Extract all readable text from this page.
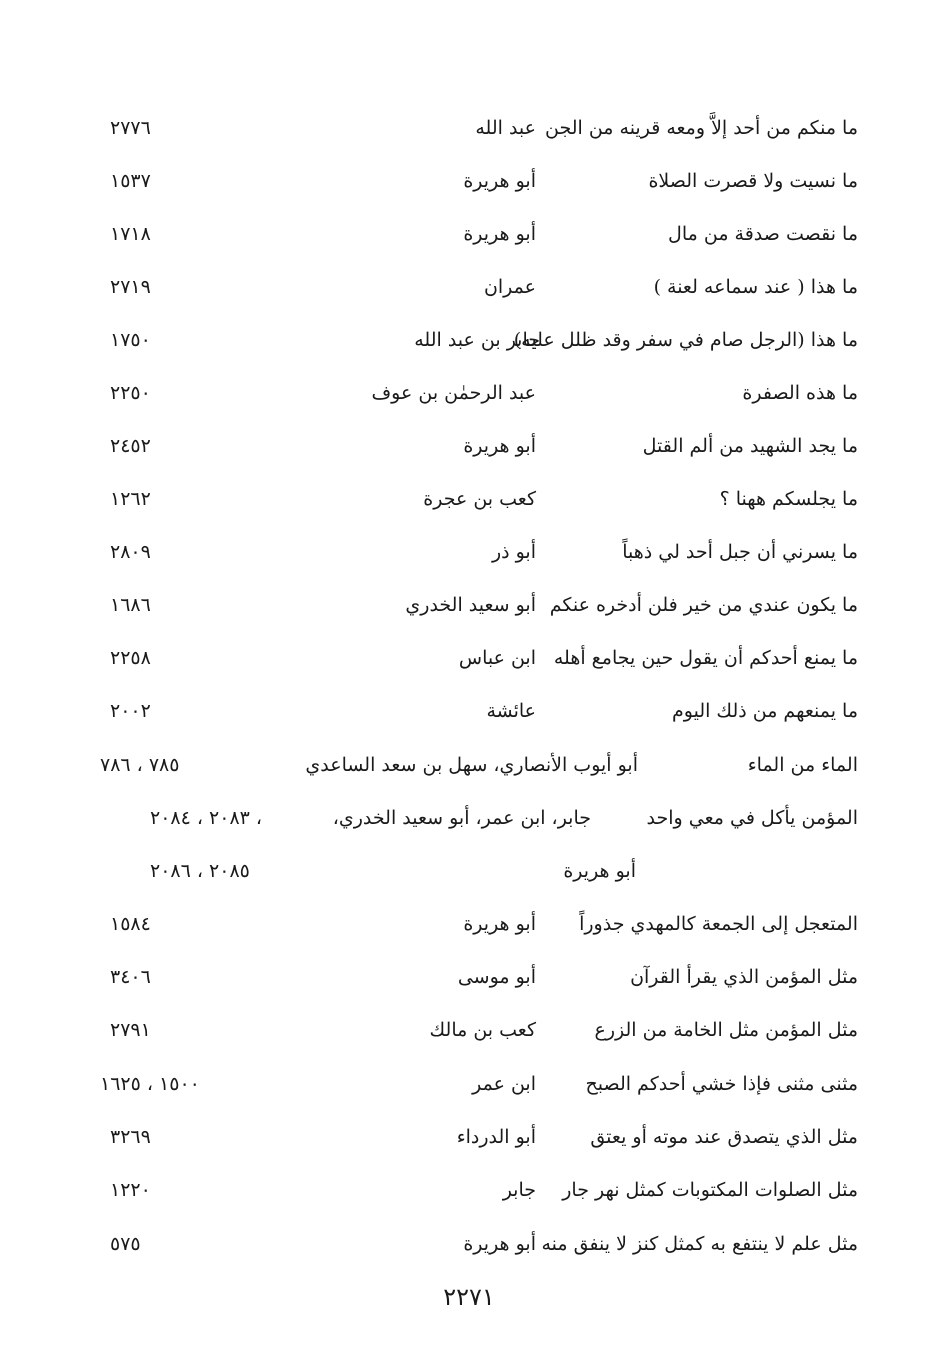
ما منكم من أحد إلاَّ ومعه قرينه من الجن
عبد الله
٢٧٧٦
ما نسيت ولا قصرت الصلاة
أبو هريرة
١٥٣٧
ما نقصت صدقة من مال
أبو هريرة
١٧١٨
ما هذا ( عند سماعه لعنة )
عمران
٢٧١٩
ما هذا (الرجل صام في سفر وقد ظلل عليه)
جابر بن عبد الله
١٧٥٠
ما هذه الصفرة
عبد الرحمٰن بن عوف
٢٢٥٠
ما يجد الشهيد من ألم القتل
أبو هريرة
٢٤٥٢
ما يجلسكم ههنا ؟
كعب بن عجرة
١٢٦٢
ما يسرني أن جبل أحد لي ذهباً
أبو ذر
٢٨٠٩
ما يكون عندي من خير فلن أدخره عنكم
أبو سعيد الخدري
١٦٨٦
ما يمنع أحدكم أن يقول حين يجامع أهله
ابن عباس
٢٢٥٨
ما يمنعهم من ذلك اليوم
عائشة
٢٠٠٢
الماء من الماء
أبو أيوب الأنصاري، سهل بن سعد الساعدي
٧٨٥ ، ٧٨٦
المؤمن يأكل في معي واحد
جابر، ابن عمر، أبو سعيد الخدري،
٢٠٨٣ ، ٢٠٨٤ ،
أبو هريرة
٢٠٨٥ ، ٢٠٨٦
المتعجل إلى الجمعة كالمهدي جذوراً
أبو هريرة
١٥٨٤
مثل المؤمن الذي يقرأ القرآن
أبو موسى
٣٤٠٦
مثل المؤمن مثل الخامة من الزرع
كعب بن مالك
٢٧٩١
مثنى مثنى فإذا خشي أحدكم الصبح
ابن عمر
١٥٠٠ ، ١٦٢٥
مثل الذي يتصدق عند موته أو يعتق
أبو الدرداء
٣٢٦٩
مثل الصلوات المكتوبات كمثل نهر جار
جابر
١٢٢٠
مثل علم لا ينتفع به كمثل كنز لا ينفق منه
أبو هريرة
٥٧٥
٢٢٧١
